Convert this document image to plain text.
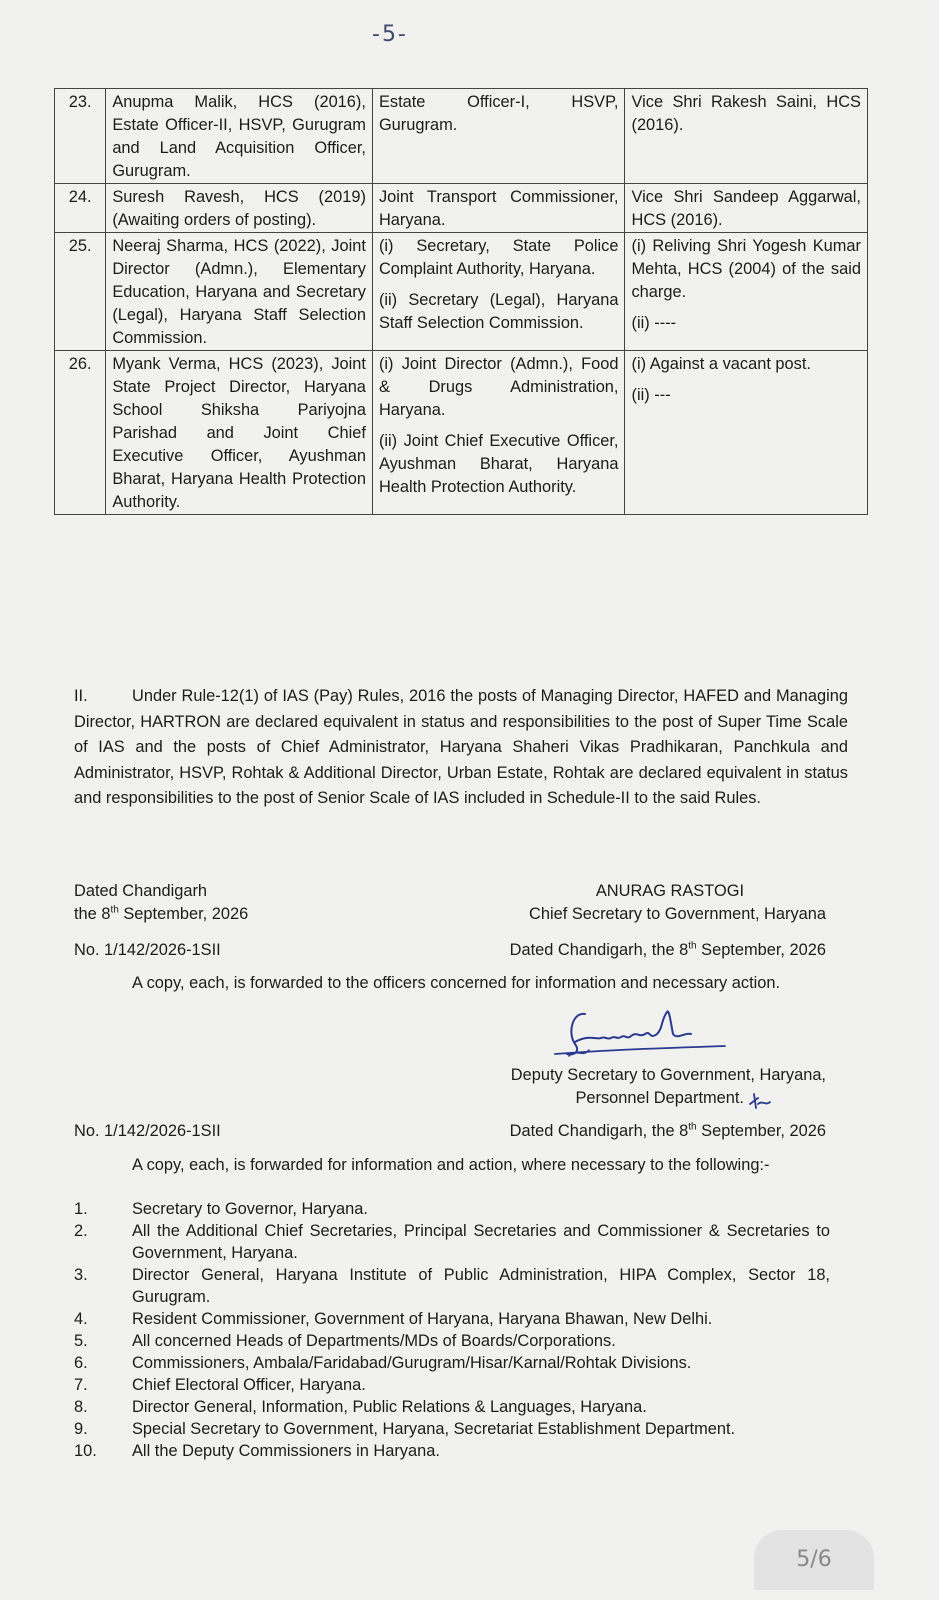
-5-
23.	Anupma Malik, HCS (2016), Estate Officer-II, HSVP, Gurugram and Land Acquisition Officer, Gurugram.	Estate Officer-I, HSVP, Gurugram.	Vice Shri Rakesh Saini, HCS (2016).

24.	Suresh Ravesh, HCS (2019) (Awaiting orders of posting).	Joint Transport Commissioner, Haryana.	Vice Shri Sandeep Aggarwal, HCS (2016).

25.	Neeraj Sharma, HCS (2022), Joint Director (Admn.), Elementary Education, Haryana and Secretary (Legal), Haryana Staff Selection Commission.	(i) Secretary, State Police Complaint Authority, Haryana.
(ii) Secretary (Legal), Haryana Staff Selection Commission.	(i) Reliving Shri Yogesh Kumar Mehta, HCS (2004) of the said charge.
(ii) ----

26.	Myank Verma, HCS (2023), Joint State Project Director, Haryana School Shiksha Pariyojna Parishad and Joint Chief Executive Officer, Ayushman Bharat, Haryana Health Protection Authority.	(i) Joint Director (Admn.), Food & Drugs Administration, Haryana.
(ii) Joint Chief Executive Officer, Ayushman Bharat, Haryana Health Protection Authority.	(i) Against a vacant post.
(ii) ---

II.	Under Rule-12(1) of IAS (Pay) Rules, 2016 the posts of Managing Director, HAFED and Managing Director, HARTRON are declared equivalent in status and responsibilities to the post of Super Time Scale of IAS and the posts of Chief Administrator, Haryana Shaheri Vikas Pradhikaran, Panchkula and Administrator, HSVP, Rohtak & Additional Director, Urban Estate, Rohtak are declared equivalent in status and responsibilities to the post of Senior Scale of IAS included in Schedule-II to the said Rules.

Dated Chandigarh
the 8th September, 2026
ANURAG RASTOGI
Chief Secretary to Government, Haryana
No. 1/142/2026-1SII	Dated Chandigarh, the 8th September, 2026

A copy, each, is forwarded to the officers concerned for information and necessary action.

Deputy Secretary to Government, Haryana,
Personnel Department.
No. 1/142/2026-1SII	Dated Chandigarh, the 8th September, 2026

A copy, each, is forwarded for information and action, where necessary to the following:-

1.	Secretary to Governor, Haryana.
2.	All the Additional Chief Secretaries, Principal Secretaries and Commissioner & Secretaries to Government, Haryana.
3.	Director General, Haryana Institute of Public Administration, HIPA Complex, Sector 18, Gurugram.
4.	Resident Commissioner, Government of Haryana, Haryana Bhawan, New Delhi.
5.	All concerned Heads of Departments/MDs of Boards/Corporations.
6.	Commissioners, Ambala/Faridabad/Gurugram/Hisar/Karnal/Rohtak Divisions.
7.	Chief Electoral Officer, Haryana.
8.	Director General, Information, Public Relations & Languages, Haryana.
9.	Special Secretary to Government, Haryana, Secretariat Establishment Department.
10.	All the Deputy Commissioners in Haryana.
5/6
